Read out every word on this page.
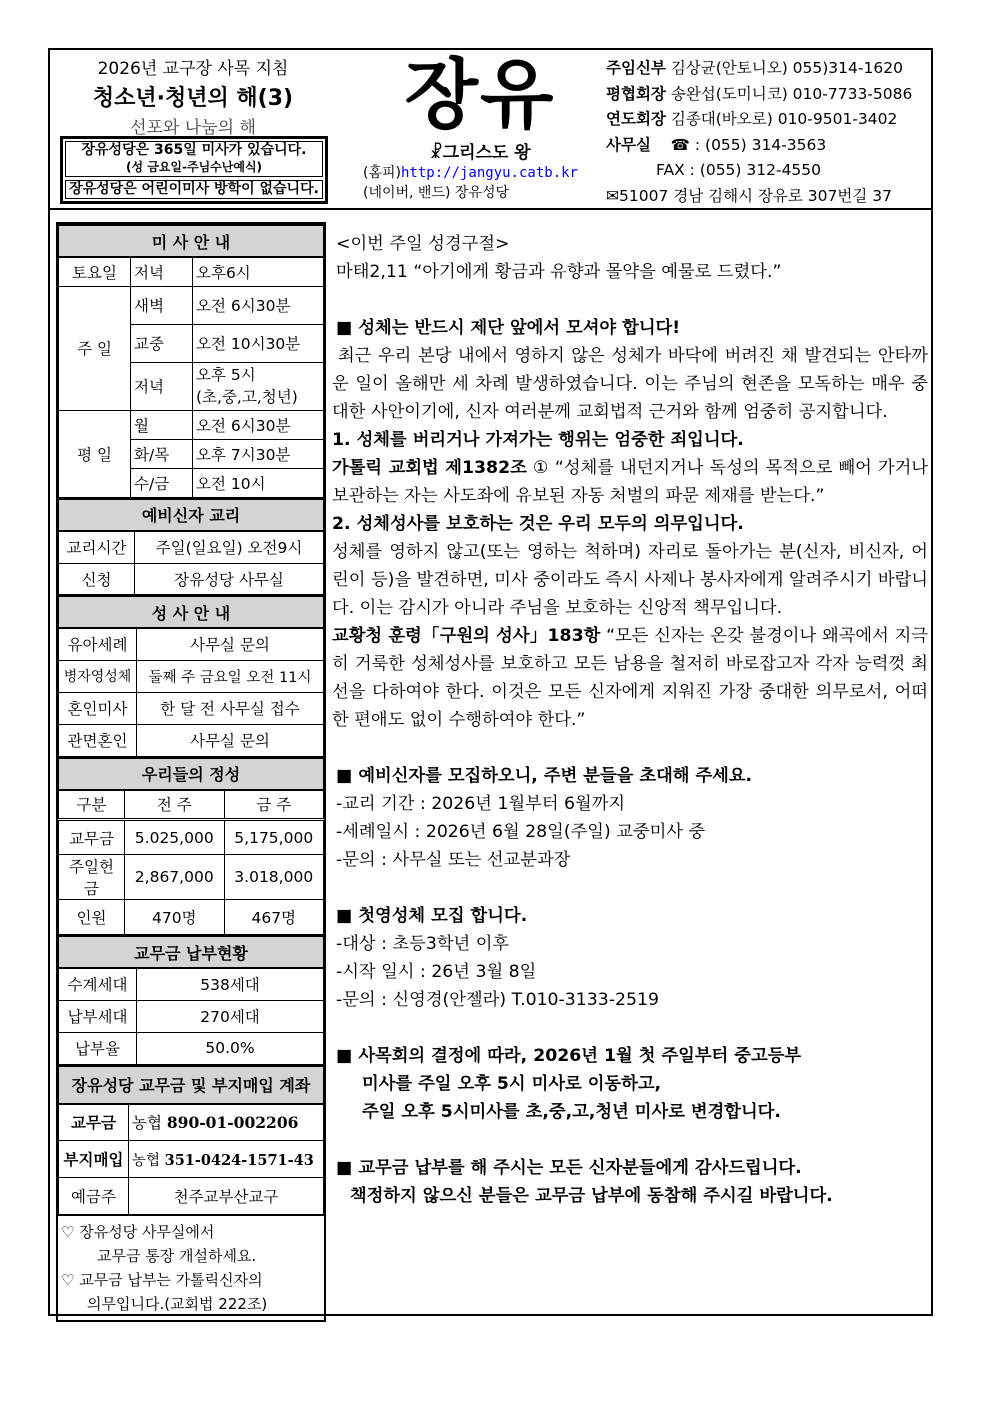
2026년 교구장 사목 지침
청소년·청년의 해(3)
선포와 나눔의 해
장유성당은 365일 미사가 있습니다.
(성 금요일-주님수난예식)
장유성당은 어린이미사 방학이 없습니다.
장유
☧그리스도 왕
(홈피)http://jangyu.catb.kr
(네이버, 밴드) 장유성당
주임신부 김상균(안토니오) 055)314-1620
평협회장 송완섭(도미니코) 010-7733-5086
연도회장 김종대(바오로) 010-9501-3402
사무실 ☎ : (055) 314-3563
FAX : (055) 312-4550
✉51007 경남 김해시 장유로 307번길 37
미 사 안 내		
토요일	저녁	오후6시
주 일	새벽	오전 6시30분
	교중	오전 10시30분
	저녁	오후 5시
(초,중,고,청년)
평 일	월	오전 6시30분
	화/목	오후 7시30분
	수/금	오전 10시
예비신자 교리	
교리시간	주일(일요일) 오전9시
신청	장유성당 사무실
성 사 안 내	
유아세례	사무실 문의
병자영성체	둘째 주 금요일 오전 11시
혼인미사	한 달 전 사무실 접수
관면혼인	사무실 문의
우리들의 정성		
구분	전 주	금 주
교무금	5.025,000	5,175,000
주일헌금	2,867,000	3.018,000
인원	470명	467명
교무금 납부현황	
수계세대	538세대
납부세대	270세대
납부율	50.0%
장유성당 교무금 및 부지매입 계좌	
교무금	농협 890-01-002206
부지매입	농협 351-0424-1571-43
예금주	천주교부산교구
♡ 장유성당 사무실에서
교무금 통장 개설하세요.
♡ 교무금 납부는 가톨릭신자의
의무입니다.(교회법 222조)

<이번 주일 성경구절>

마태2,11 “아기에게 황금과 유향과 몰약을 예물로 드렸다.”

■ 성체는 반드시 제단 앞에서 모셔야 합니다!

최근 우리 본당 내에서 영하지 않은 성체가 바닥에 버려진 채 발견되는 안타까운 일이 올해만 세 차례 발생하였습니다. 이는 주님의 현존을 모독하는 매우 중대한 사안이기에, 신자 여러분께 교회법적 근거와 함께 엄중히 공지합니다.

1. 성체를 버리거나 가져가는 행위는 엄중한 죄입니다.

가톨릭 교회법 제1382조 ① “성체를 내던지거나 독성의 목적으로 빼어 가거나 보관하는 자는 사도좌에 유보된 자동 처벌의 파문 제재를 받는다.”

2. 성체성사를 보호하는 것은 우리 모두의 의무입니다.

성체를 영하지 않고(또는 영하는 척하며) 자리로 돌아가는 분(신자, 비신자, 어린이 등)을 발견하면, 미사 중이라도 즉시 사제나 봉사자에게 알려주시기 바랍니다. 이는 감시가 아니라 주님을 보호하는 신앙적 책무입니다.

교황청 훈령「구원의 성사」183항 “모든 신자는 온갖 불경이나 왜곡에서 지극히 거룩한 성체성사를 보호하고 모든 남용을 철저히 바로잡고자 각자 능력껏 최선을 다하여야 한다. 이것은 모든 신자에게 지워진 가장 중대한 의무로서, 어떠한 편애도 없이 수행하여야 한다.”

■ 예비신자를 모집하오니, 주변 분들을 초대해 주세요.

-교리 기간 : 2026년 1월부터 6월까지

-세례일시 : 2026년 6월 28일(주일) 교중미사 중

-문의 : 사무실 또는 선교분과장

■ 첫영성체 모집 합니다.

-대상 : 초등3학년 이후

-시작 일시 : 26년 3월 8일

-문의 : 신영경(안젤라) T.010-3133-2519

■ 사목회의 결정에 따라, 2026년 1월 첫 주일부터 중고등부
미사를 주일 오후 5시 미사로 이동하고,
주일 오후 5시미사를 초,중,고,청년 미사로 변경합니다.
■ 교무금 납부를 해 주시는 모든 신자분들에게 감사드립니다.
책정하지 않으신 분들은 교무금 납부에 동참해 주시길 바랍니다.
